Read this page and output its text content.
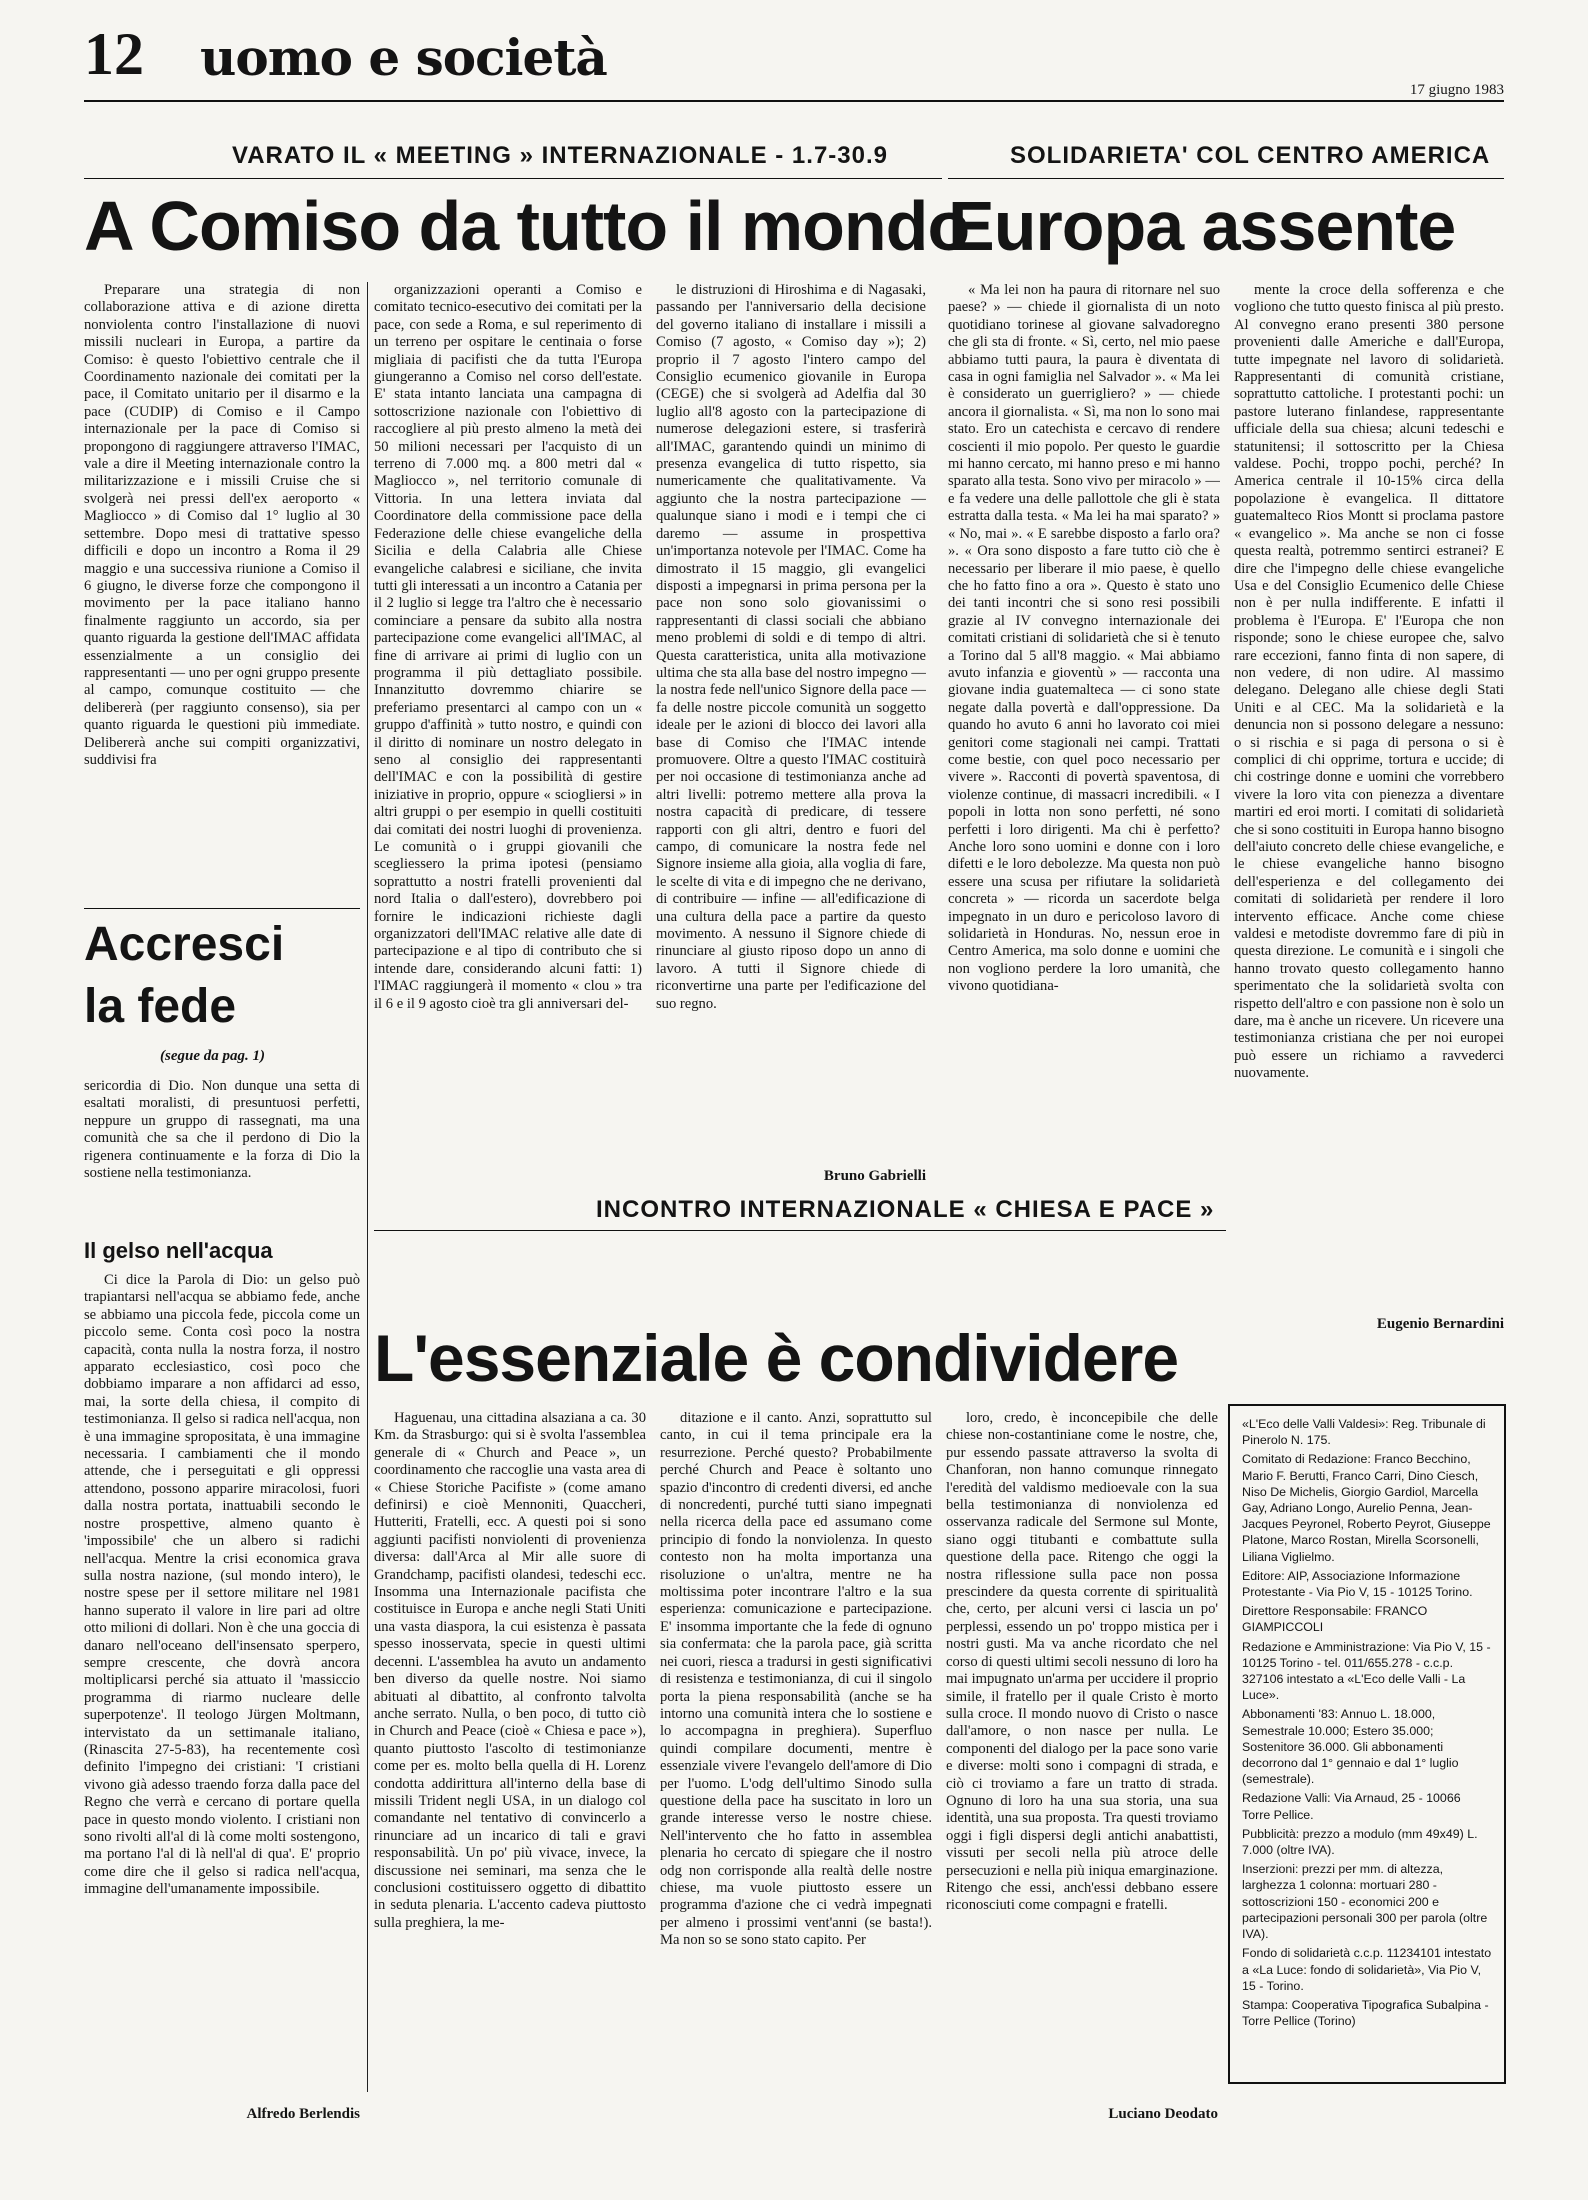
12 uomo e società
17 giugno 1983
VARATO IL « MEETING » INTERNAZIONALE - 1.7-30.9
A Comiso da tutto il mondo

Preparare una strategia di non collaborazione attiva e di azione diretta nonviolenta contro l'installazione di nuovi missili nucleari in Europa, a partire da Comiso: è questo l'obiettivo centrale che il Coordinamento nazionale dei comitati per la pace, il Comitato unitario per il disarmo e la pace (CUDIP) di Comiso e il Campo internazionale per la pace di Comiso si propongono di raggiungere attraverso l'IMAC, vale a dire il Meeting internazionale contro la militarizzazione e i missili Cruise che si svolgerà nei pressi dell'ex aeroporto « Magliocco » di Comiso dal 1° luglio al 30 settembre. Dopo mesi di trattative spesso difficili e dopo un incontro a Roma il 29 maggio e una successiva riunione a Comiso il 6 giugno, le diverse forze che compongono il movimento per la pace italiano hanno finalmente raggiunto un accordo, sia per quanto riguarda la gestione dell'IMAC affidata essenzialmente a un consiglio dei rappresentanti — uno per ogni gruppo presente al campo, comunque costituito — che delibererà (per raggiunto consenso), sia per quanto riguarda le questioni più immediate. Delibererà anche sui compiti organizzativi, suddivisi fra

organizzazioni operanti a Comiso e comitato tecnico-esecutivo dei comitati per la pace, con sede a Roma, e sul reperimento di un terreno per ospitare le centinaia o forse migliaia di pacifisti che da tutta l'Europa giungeranno a Comiso nel corso dell'estate. E' stata intanto lanciata una campagna di sottoscrizione nazionale con l'obiettivo di raccogliere al più presto almeno la metà dei 50 milioni necessari per l'acquisto di un terreno di 7.000 mq. a 800 metri dal « Magliocco », nel territorio comunale di Vittoria. In una lettera inviata dal Coordinatore della commissione pace della Federazione delle chiese evangeliche della Sicilia e della Calabria alle Chiese evangeliche calabresi e siciliane, che invita tutti gli interessati a un incontro a Catania per il 2 luglio si legge tra l'altro che è necessario cominciare a pensare da subito alla nostra partecipazione come evangelici all'IMAC, al fine di arrivare ai primi di luglio con un programma il più dettagliato possibile. Innanzitutto dovremmo chiarire se preferiamo presentarci al campo con un « gruppo d'affinità » tutto nostro, e quindi con il diritto di nominare un nostro delegato in seno al consiglio dei rappresentanti dell'IMAC e con la possibilità di gestire iniziative in proprio, oppure « sciogliersi » in altri gruppi o per esempio in quelli costituiti dai comitati dei nostri luoghi di provenienza. Le comunità o i gruppi giovanili che scegliessero la prima ipotesi (pensiamo soprattutto a nostri fratelli provenienti dal nord Italia o dall'estero), dovrebbero poi fornire le indicazioni richieste dagli organizzatori dell'IMAC relative alle date di partecipazione e al tipo di contributo che si intende dare, considerando alcuni fatti: 1) l'IMAC raggiungerà il momento « clou » tra il 6 e il 9 agosto cioè tra gli anniversari del-

le distruzioni di Hiroshima e di Nagasaki, passando per l'anniversario della decisione del governo italiano di installare i missili a Comiso (7 agosto, « Comiso day »); 2) proprio il 7 agosto l'intero campo del Consiglio ecumenico giovanile in Europa (CEGE) che si svolgerà ad Adelfia dal 30 luglio all'8 agosto con la partecipazione di numerose delegazioni estere, si trasferirà all'IMAC, garantendo quindi un minimo di presenza evangelica di tutto rispetto, sia numericamente che qualitativamente. Va aggiunto che la nostra partecipazione — qualunque siano i modi e i tempi che ci daremo — assume in prospettiva un'importanza notevole per l'IMAC. Come ha dimostrato il 15 maggio, gli evangelici disposti a impegnarsi in prima persona per la pace non sono solo giovanissimi o rappresentanti di classi sociali che abbiano meno problemi di soldi e di tempo di altri. Questa caratteristica, unita alla motivazione ultima che sta alla base del nostro impegno — la nostra fede nell'unico Signore della pace — fa delle nostre piccole comunità un soggetto ideale per le azioni di blocco dei lavori alla base di Comiso che l'IMAC intende promuovere. Oltre a questo l'IMAC costituirà per noi occasione di testimonianza anche ad altri livelli: potremo mettere alla prova la nostra capacità di predicare, di tessere rapporti con gli altri, dentro e fuori del campo, di comunicare la nostra fede nel Signore insieme alla gioia, alla voglia di fare, le scelte di vita e di impegno che ne derivano, di contribuire — infine — all'edificazione di una cultura della pace a partire da questo movimento. A nessuno il Signore chiede di rinunciare al giusto riposo dopo un anno di lavoro. A tutti il Signore chiede di riconvertirne una parte per l'edificazione del suo regno.

Bruno Gabrielli
SOLIDARIETA' COL CENTRO AMERICA
Europa assente

« Ma lei non ha paura di ritornare nel suo paese? » — chiede il giornalista di un noto quotidiano torinese al giovane salvadoregno che gli sta di fronte. « Sì, certo, nel mio paese abbiamo tutti paura, la paura è diventata di casa in ogni famiglia nel Salvador ». « Ma lei è considerato un guerrigliero? » — chiede ancora il giornalista. « Sì, ma non lo sono mai stato. Ero un catechista e cercavo di rendere coscienti il mio popolo. Per questo le guardie mi hanno cercato, mi hanno preso e mi hanno sparato alla testa. Sono vivo per miracolo » — e fa vedere una delle pallottole che gli è stata estratta dalla testa. « Ma lei ha mai sparato? » « No, mai ». « E sarebbe disposto a farlo ora? ». « Ora sono disposto a fare tutto ciò che è necessario per liberare il mio paese, è quello che ho fatto fino a ora ». Questo è stato uno dei tanti incontri che si sono resi possibili grazie al IV convegno internazionale dei comitati cristiani di solidarietà che si è tenuto a Torino dal 5 all'8 maggio. « Mai abbiamo avuto infanzia e gioventù » — racconta una giovane india guatemalteca — ci sono state negate dalla povertà e dall'oppressione. Da quando ho avuto 6 anni ho lavorato coi miei genitori come stagionali nei campi. Trattati come bestie, con quel poco necessario per vivere ». Racconti di povertà spaventosa, di violenze continue, di massacri incredibili. « I popoli in lotta non sono perfetti, né sono perfetti i loro dirigenti. Ma chi è perfetto? Anche loro sono uomini e donne con i loro difetti e le loro debolezze. Ma questa non può essere una scusa per rifiutare la solidarietà concreta » — ricorda un sacerdote belga impegnato in un duro e pericoloso lavoro di solidarietà in Honduras. No, nessun eroe in Centro America, ma solo donne e uomini che non vogliono perdere la loro umanità, che vivono quotidiana-

mente la croce della sofferenza e che vogliono che tutto questo finisca al più presto. Al convegno erano presenti 380 persone provenienti dalle Americhe e dall'Europa, tutte impegnate nel lavoro di solidarietà. Rappresentanti di comunità cristiane, soprattutto cattoliche. I protestanti pochi: un pastore luterano finlandese, rappresentante ufficiale della sua chiesa; alcuni tedeschi e statunitensi; il sottoscritto per la Chiesa valdese. Pochi, troppo pochi, perché? In America centrale il 10-15% circa della popolazione è evangelica. Il dittatore guatemalteco Rios Montt si proclama pastore « evangelico ». Ma anche se non ci fosse questa realtà, potremmo sentirci estranei? E dire che l'impegno delle chiese evangeliche Usa e del Consiglio Ecumenico delle Chiese non è per nulla indifferente. E infatti il problema è l'Europa. E' l'Europa che non risponde; sono le chiese europee che, salvo rare eccezioni, fanno finta di non sapere, di non vedere, di non udire. Al massimo delegano. Delegano alle chiese degli Stati Uniti e al CEC. Ma la solidarietà e la denuncia non si possono delegare a nessuno: o si rischia e si paga di persona o si è complici di chi opprime, tortura e uccide; di chi costringe donne e uomini che vorrebbero vivere la loro vita con pienezza a diventare martiri ed eroi morti. I comitati di solidarietà che si sono costituiti in Europa hanno bisogno dell'aiuto concreto delle chiese evangeliche, e le chiese evangeliche hanno bisogno dell'esperienza e del collegamento dei comitati di solidarietà per rendere il loro intervento efficace. Anche come chiese valdesi e metodiste dovremmo fare di più in questa direzione. Le comunità e i singoli che hanno trovato questo collegamento hanno sperimentato che la solidarietà svolta con rispetto dell'altro e con passione non è solo un dare, ma è anche un ricevere. Un ricevere una testimonianza cristiana che per noi europei può essere un richiamo a ravvederci nuovamente.

Eugenio Bernardini
Accresci
la fede
(segue da pag. 1)

sericordia di Dio. Non dunque una setta di esaltati moralisti, di presuntuosi perfetti, neppure un gruppo di rassegnati, ma una comunità che sa che il perdono di Dio la rigenera continuamente e la forza di Dio la sostiene nella testimonianza.

Il gelso nell'acqua

Ci dice la Parola di Dio: un gelso può trapiantarsi nell'acqua se abbiamo fede, anche se abbiamo una piccola fede, piccola come un piccolo seme. Conta così poco la nostra capacità, conta nulla la nostra forza, il nostro apparato ecclesiastico, così poco che dobbiamo imparare a non affidarci ad esso, mai, la sorte della chiesa, il compito di testimonianza. Il gelso si radica nell'acqua, non è una immagine spropositata, è una immagine necessaria. I cambiamenti che il mondo attende, che i perseguitati e gli oppressi attendono, possono apparire miracolosi, fuori dalla nostra portata, inattuabili secondo le nostre prospettive, almeno quanto è 'impossibile' che un albero si radichi nell'acqua. Mentre la crisi economica grava sulla nostra nazione, (sul mondo intero), le nostre spese per il settore militare nel 1981 hanno superato il valore in lire pari ad oltre otto milioni di dollari. Non è che una goccia di danaro nell'oceano dell'insensato sperpero, sempre crescente, che dovrà ancora moltiplicarsi perché sia attuato il 'massiccio programma di riarmo nucleare delle superpotenze'. Il teologo Jürgen Moltmann, intervistato da un settimanale italiano, (Rinascita 27-5-83), ha recentemente così definito l'impegno dei cristiani: 'I cristiani vivono già adesso traendo forza dalla pace del Regno che verrà e cercano di portare quella pace in questo mondo violento. I cristiani non sono rivolti all'al di là come molti sostengono, ma portano l'al di là nell'al di qua'. E' proprio come dire che il gelso si radica nell'acqua, immagine dell'umanamente impossibile.

Alfredo Berlendis
INCONTRO INTERNAZIONALE « CHIESA E PACE »
L'essenziale è condividere

Haguenau, una cittadina alsaziana a ca. 30 Km. da Strasburgo: qui si è svolta l'assemblea generale di « Church and Peace », un coordinamento che raccoglie una vasta area di « Chiese Storiche Pacifiste » (come amano definirsi) e cioè Mennoniti, Quaccheri, Hutteriti, Fratelli, ecc. A questi poi si sono aggiunti pacifisti nonviolenti di provenienza diversa: dall'Arca al Mir alle suore di Grandchamp, pacifisti olandesi, tedeschi ecc. Insomma una Internazionale pacifista che costituisce in Europa e anche negli Stati Uniti una vasta diaspora, la cui esistenza è passata spesso inosservata, specie in questi ultimi decenni. L'assemblea ha avuto un andamento ben diverso da quelle nostre. Noi siamo abituati al dibattito, al confronto talvolta anche serrato. Nulla, o ben poco, di tutto ciò in Church and Peace (cioè « Chiesa e pace »), quanto piuttosto l'ascolto di testimonianze come per es. molto bella quella di H. Lorenz condotta addirittura all'interno della base di missili Trident negli USA, in un dialogo col comandante nel tentativo di convincerlo a rinunciare ad un incarico di tali e gravi responsabilità. Un po' più vivace, invece, la discussione nei seminari, ma senza che le conclusioni costituissero oggetto di dibattito in seduta plenaria. L'accento cadeva piuttosto sulla preghiera, la me-

ditazione e il canto. Anzi, soprattutto sul canto, in cui il tema principale era la resurrezione. Perché questo? Probabilmente perché Church and Peace è soltanto uno spazio d'incontro di credenti diversi, ed anche di noncredenti, purché tutti siano impegnati nella ricerca della pace ed assumano come principio di fondo la nonviolenza. In questo contesto non ha molta importanza una risoluzione o un'altra, mentre ne ha moltissima poter incontrare l'altro e la sua esperienza: comunicazione e partecipazione. E' insomma importante che la fede di ognuno sia confermata: che la parola pace, già scritta nei cuori, riesca a tradursi in gesti significativi di resistenza e testimonianza, di cui il singolo porta la piena responsabilità (anche se ha intorno una comunità intera che lo sostiene e lo accompagna in preghiera). Superfluo quindi compilare documenti, mentre è essenziale vivere l'evangelo dell'amore di Dio per l'uomo. L'odg dell'ultimo Sinodo sulla questione della pace ha suscitato in loro un grande interesse verso le nostre chiese. Nell'intervento che ho fatto in assemblea plenaria ho cercato di spiegare che il nostro odg non corrisponde alla realtà delle nostre chiese, ma vuole piuttosto essere un programma d'azione che ci vedrà impegnati per almeno i prossimi vent'anni (se basta!). Ma non so se sono stato capito. Per

loro, credo, è inconcepibile che delle chiese non-costantiniane come le nostre, che, pur essendo passate attraverso la svolta di Chanforan, non hanno comunque rinnegato l'eredità del valdismo medioevale con la sua bella testimonianza di nonviolenza ed osservanza radicale del Sermone sul Monte, siano oggi titubanti e combattute sulla questione della pace. Ritengo che oggi la nostra riflessione sulla pace non possa prescindere da questa corrente di spiritualità che, certo, per alcuni versi ci lascia un po' perplessi, essendo un po' troppo mistica per i nostri gusti. Ma va anche ricordato che nel corso di questi ultimi secoli nessuno di loro ha mai impugnato un'arma per uccidere il proprio simile, il fratello per il quale Cristo è morto sulla croce. Il mondo nuovo di Cristo o nasce dall'amore, o non nasce per nulla. Le componenti del dialogo per la pace sono varie e diverse: molti sono i compagni di strada, e ciò ci troviamo a fare un tratto di strada. Ognuno di loro ha una sua storia, una sua identità, una sua proposta. Tra questi troviamo oggi i figli dispersi degli antichi anabattisti, vissuti per secoli nella più atroce delle persecuzioni e nella più iniqua emarginazione. Ritengo che essi, anch'essi debbano essere riconosciuti come compagni e fratelli.

Luciano Deodato
«L'Eco delle Valli Valdesi»: Reg. Tribunale di Pinerolo N. 175.
Comitato di Redazione: Franco Becchino, Mario F. Berutti, Franco Carri, Dino Ciesch, Niso De Michelis, Giorgio Gardiol, Marcella Gay, Adriano Longo, Aurelio Penna, Jean-Jacques Peyronel, Roberto Peyrot, Giuseppe Platone, Marco Rostan, Mirella Scorsonelli, Liliana Viglielmo.
Editore: AIP, Associazione Informazione Protestante - Via Pio V, 15 - 10125 Torino.
Direttore Responsabile: FRANCO GIAMPICCOLI
Redazione e Amministrazione: Via Pio V, 15 - 10125 Torino - tel. 011/655.278 - c.c.p. 327106 intestato a «L'Eco delle Valli - La Luce».
Abbonamenti '83: Annuo L. 18.000, Semestrale 10.000; Estero 35.000; Sostenitore 36.000. Gli abbonamenti decorrono dal 1° gennaio e dal 1° luglio (semestrale).
Redazione Valli: Via Arnaud, 25 - 10066 Torre Pellice.
Pubblicità: prezzo a modulo (mm 49x49) L. 7.000 (oltre IVA).
Inserzioni: prezzi per mm. di altezza, larghezza 1 colonna: mortuari 280 - sottoscrizioni 150 - economici 200 e partecipazioni personali 300 per parola (oltre IVA).
Fondo di solidarietà c.c.p. 11234101 intestato a «La Luce: fondo di solidarietà», Via Pio V, 15 - Torino.
Stampa: Cooperativa Tipografica Subalpina - Torre Pellice (Torino)
